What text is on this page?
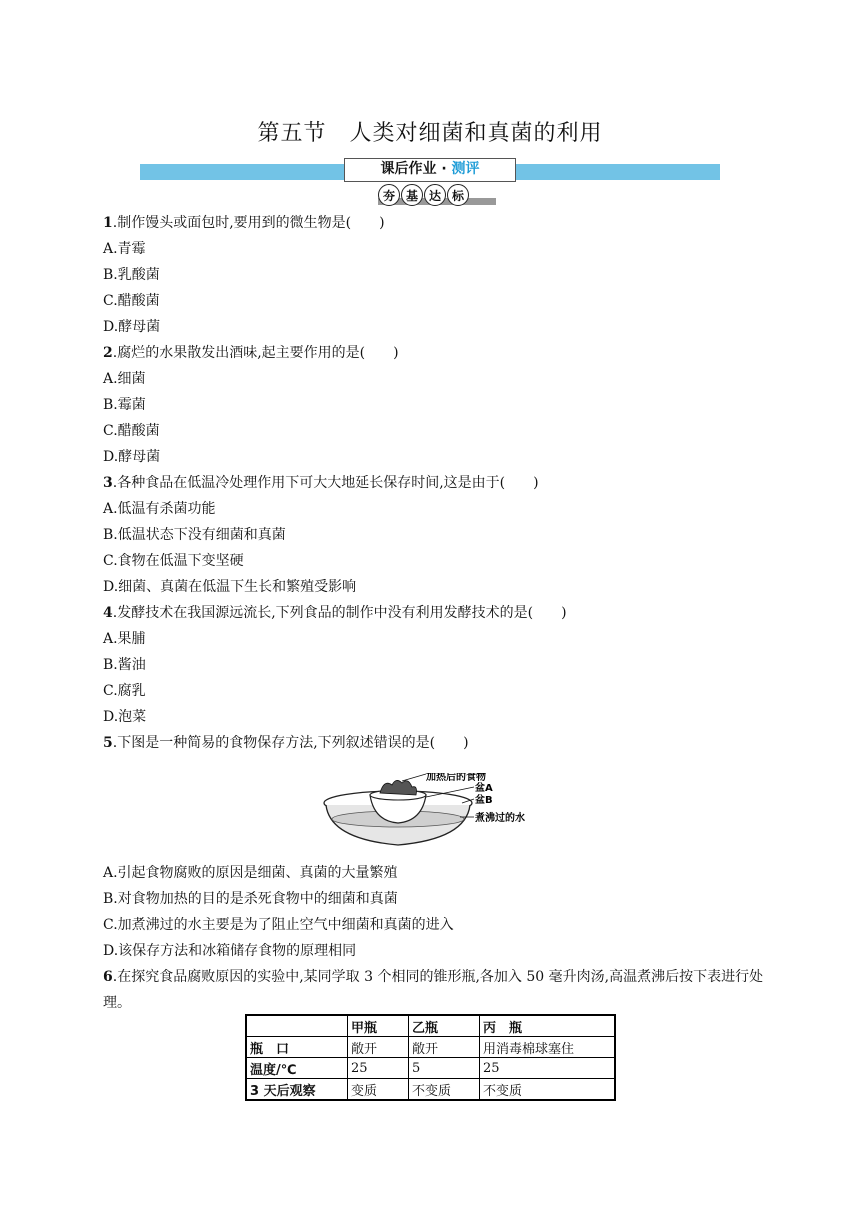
第五节　人类对细菌和真菌的利用
课后作业 · 测评
夯 基 达 标

1.制作馒头或面包时,要用到的微生物是(　　)

A.青霉

B.乳酸菌

C.醋酸菌

D.酵母菌

2.腐烂的水果散发出酒味,起主要作用的是(　　)

A.细菌

B.霉菌

C.醋酸菌

D.酵母菌

3.各种食品在低温冷处理作用下可大大地延长保存时间,这是由于(　　)

A.低温有杀菌功能

B.低温状态下没有细菌和真菌

C.食物在低温下变坚硬

D.细菌、真菌在低温下生长和繁殖受影响

4.发酵技术在我国源远流长,下列食品的制作中没有利用发酵技术的是(　　)

A.果脯

B.酱油

C.腐乳

D.泡菜

5.下图是一种简易的食物保存方法,下列叙述错误的是(　　)

A.引起食物腐败的原因是细菌、真菌的大量繁殖

B.对食物加热的目的是杀死食物中的细菌和真菌

C.加煮沸过的水主要是为了阻止空气中细菌和真菌的进入

D.该保存方法和冰箱储存食物的原理相同

6.在探究食品腐败原因的实验中,某同学取 3 个相同的锥形瓶,各加入 50 毫升肉汤,高温煮沸后按下表进行处理。

加热后的食物
盆A
盆B
煮沸过的水
	甲瓶	乙瓶	丙　瓶
瓶　口	敞开	敞开	用消毒棉球塞住
温度/℃	25	5	25
3 天后观察	变质	不变质	不变质
